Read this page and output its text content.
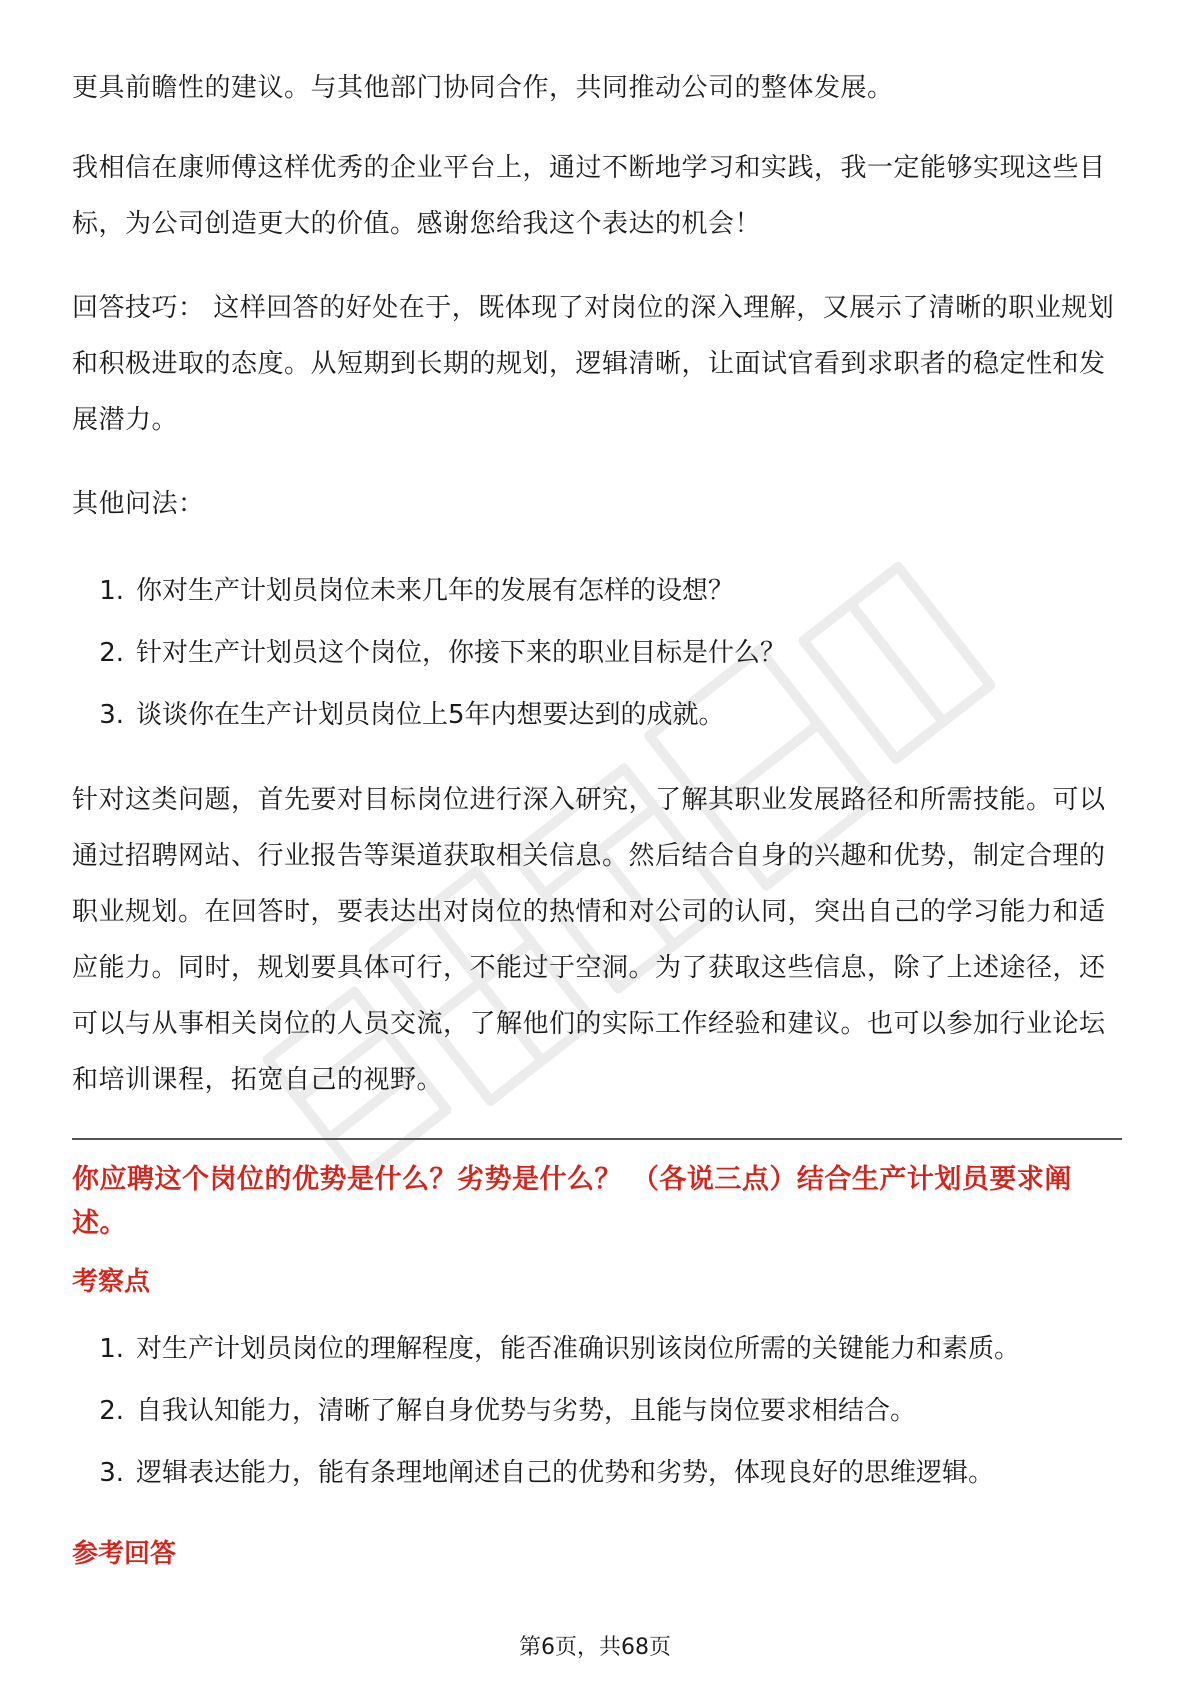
更具前瞻性的建议。与其他部门协同合作，共同推动公司的整体发展。

我相信在康师傅这样优秀的企业平台上，通过不断地学习和实践，我一定能够实现这些目标，为公司创造更大的价值。感谢您给我这个表达的机会！

回答技巧： 这样回答的好处在于，既体现了对岗位的深入理解，又展示了清晰的职业规划和积极进取的态度。从短期到长期的规划，逻辑清晰，让面试官看到求职者的稳定性和发展潜力。

其他问法：

1. 你对生产计划员岗位未来几年的发展有怎样的设想？
2. 针对生产计划员这个岗位，你接下来的职业目标是什么？
3. 谈谈你在生产计划员岗位上5年内想要达到的成就。

针对这类问题，首先要对目标岗位进行深入研究，了解其职业发展路径和所需技能。可以通过招聘网站、行业报告等渠道获取相关信息。然后结合自身的兴趣和优势，制定合理的职业规划。在回答时，要表达出对岗位的热情和对公司的认同，突出自己的学习能力和适应能力。同时，规划要具体可行，不能过于空洞。为了获取这些信息，除了上述途径，还可以与从事相关岗位的人员交流，了解他们的实际工作经验和建议。也可以参加行业论坛和培训课程，拓宽自己的视野。

你应聘这个岗位的优势是什么？劣势是什么？ （各说三点）结合生产计划员要求阐述。
考察点
1. 对生产计划员岗位的理解程度，能否准确识别该岗位所需的关键能力和素质。
2. 自我认知能力，清晰了解自身优势与劣势，且能与岗位要求相结合。
3. 逻辑表达能力，能有条理地阐述自己的优势和劣势，体现良好的思维逻辑。
参考回答
第6页，共68页
